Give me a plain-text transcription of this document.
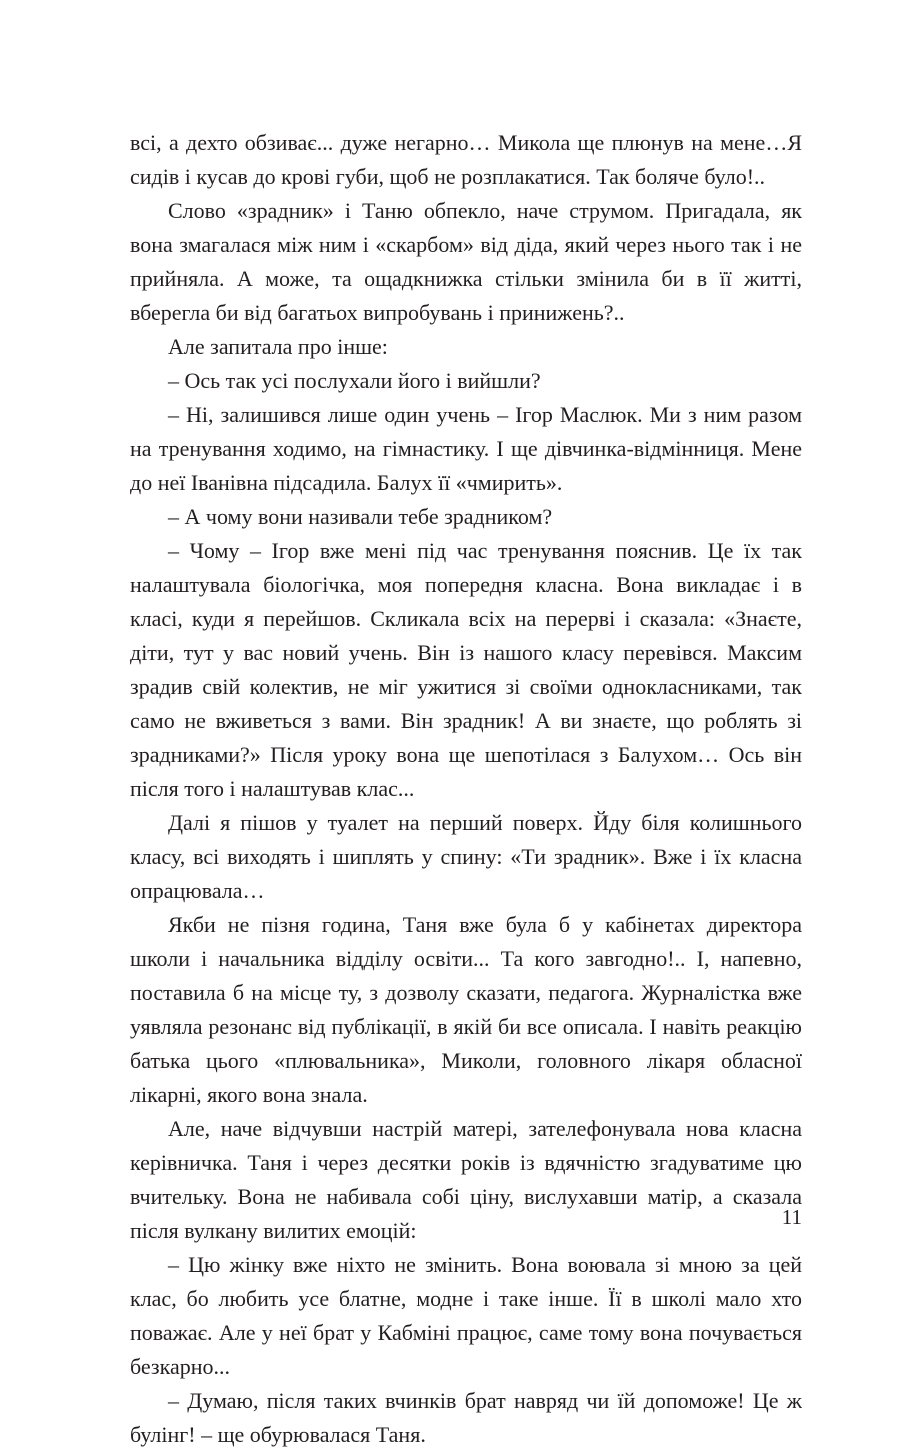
всі, а дехто обзиває... дуже негарно… Микола ще плюнув на мене…Я сидів і кусав до крові губи, щоб не розплакатися. Так боляче було!..

Слово «зрадник» і Таню обпекло, наче струмом. Пригадала, як вона змагалася між ним і «скарбом» від діда, який через нього так і не прийняла. А може, та ощадкнижка стільки змінила би в її житті, вберегла би від багатьох випробувань і принижень?..

Але запитала про інше:

– Ось так усі послухали його і вийшли?

– Ні, залишився лише один учень – Ігор Маслюк. Ми з ним разом на тренування ходимо, на гімнастику. І ще дівчинка-відмінниця. Мене до неї Іванівна підсадила. Балух її «чмирить».

– А чому вони називали тебе зрадником?

– Чому – Ігор вже мені під час тренування пояснив. Це їх так налаштувала біологічка, моя попередня класна. Вона викладає і в класі, куди я перейшов. Скликала всіх на перерві і сказала: «Знаєте, діти, тут у вас новий учень. Він із нашого класу перевівся. Максим зрадив свій колектив, не міг ужитися зі своїми однокласниками, так само не вживеться з вами. Він зрадник! А ви знаєте, що роблять зі зрадниками?» Після уроку вона ще шепотілася з Балухом… Ось він після того і налаштував клас...

Далі я пішов у туалет на перший поверх. Йду біля колишнього класу, всі виходять і шиплять у спину: «Ти зрадник». Вже і їх класна опрацювала…

Якби не пізня година, Таня вже була б у кабінетах директора школи і начальника відділу освіти... Та кого завгодно!.. І, напевно, поставила б на місце ту, з дозволу сказати, педагога. Журналістка вже уявляла резонанс від публікації, в якій би все описала. І навіть реакцію батька цього «плювальника», Миколи, головного лікаря обласної лікарні, якого вона знала.

Але, наче відчувши настрій матері, зателефонувала нова класна керівничка. Таня і через десятки років із вдячністю згадуватиме цю вчительку. Вона не набивала собі ціну, вислухавши матір, а сказала після вулкану вилитих емоцій:

– Цю жінку вже ніхто не змінить. Вона воювала зі мною за цей клас, бо любить усе блатне, модне і таке інше. Її в школі мало хто поважає. Але у неї брат у Кабміні працює, саме тому вона почувається безкарно...

– Думаю, після таких вчинків брат навряд чи їй допоможе! Це ж булінг! – ще обурювалася Таня.

11
